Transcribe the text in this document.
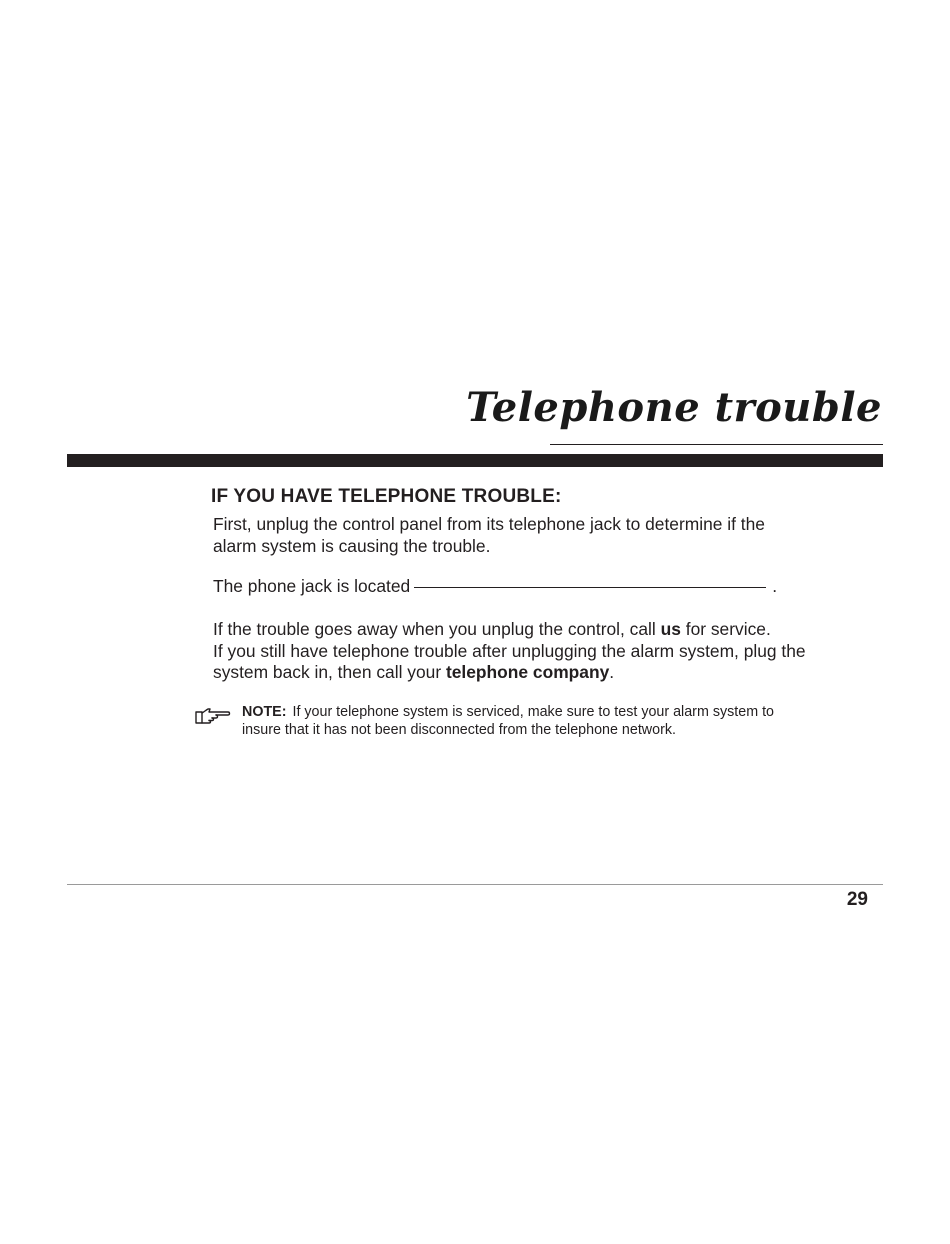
Telephone trouble
IF YOU HAVE TELEPHONE TROUBLE:
First, unplug the control panel from its telephone jack to determine if the
alarm system is causing the trouble.
The phone jack is located	.
If the trouble goes away when you unplug the control, call us for service.
If you still have telephone trouble after unplugging the alarm system, plug the
system back in, then call your telephone company.
NOTE: If your telephone system is serviced, make sure to test your alarm system to
insure that it has not been disconnected from the telephone network.
29
